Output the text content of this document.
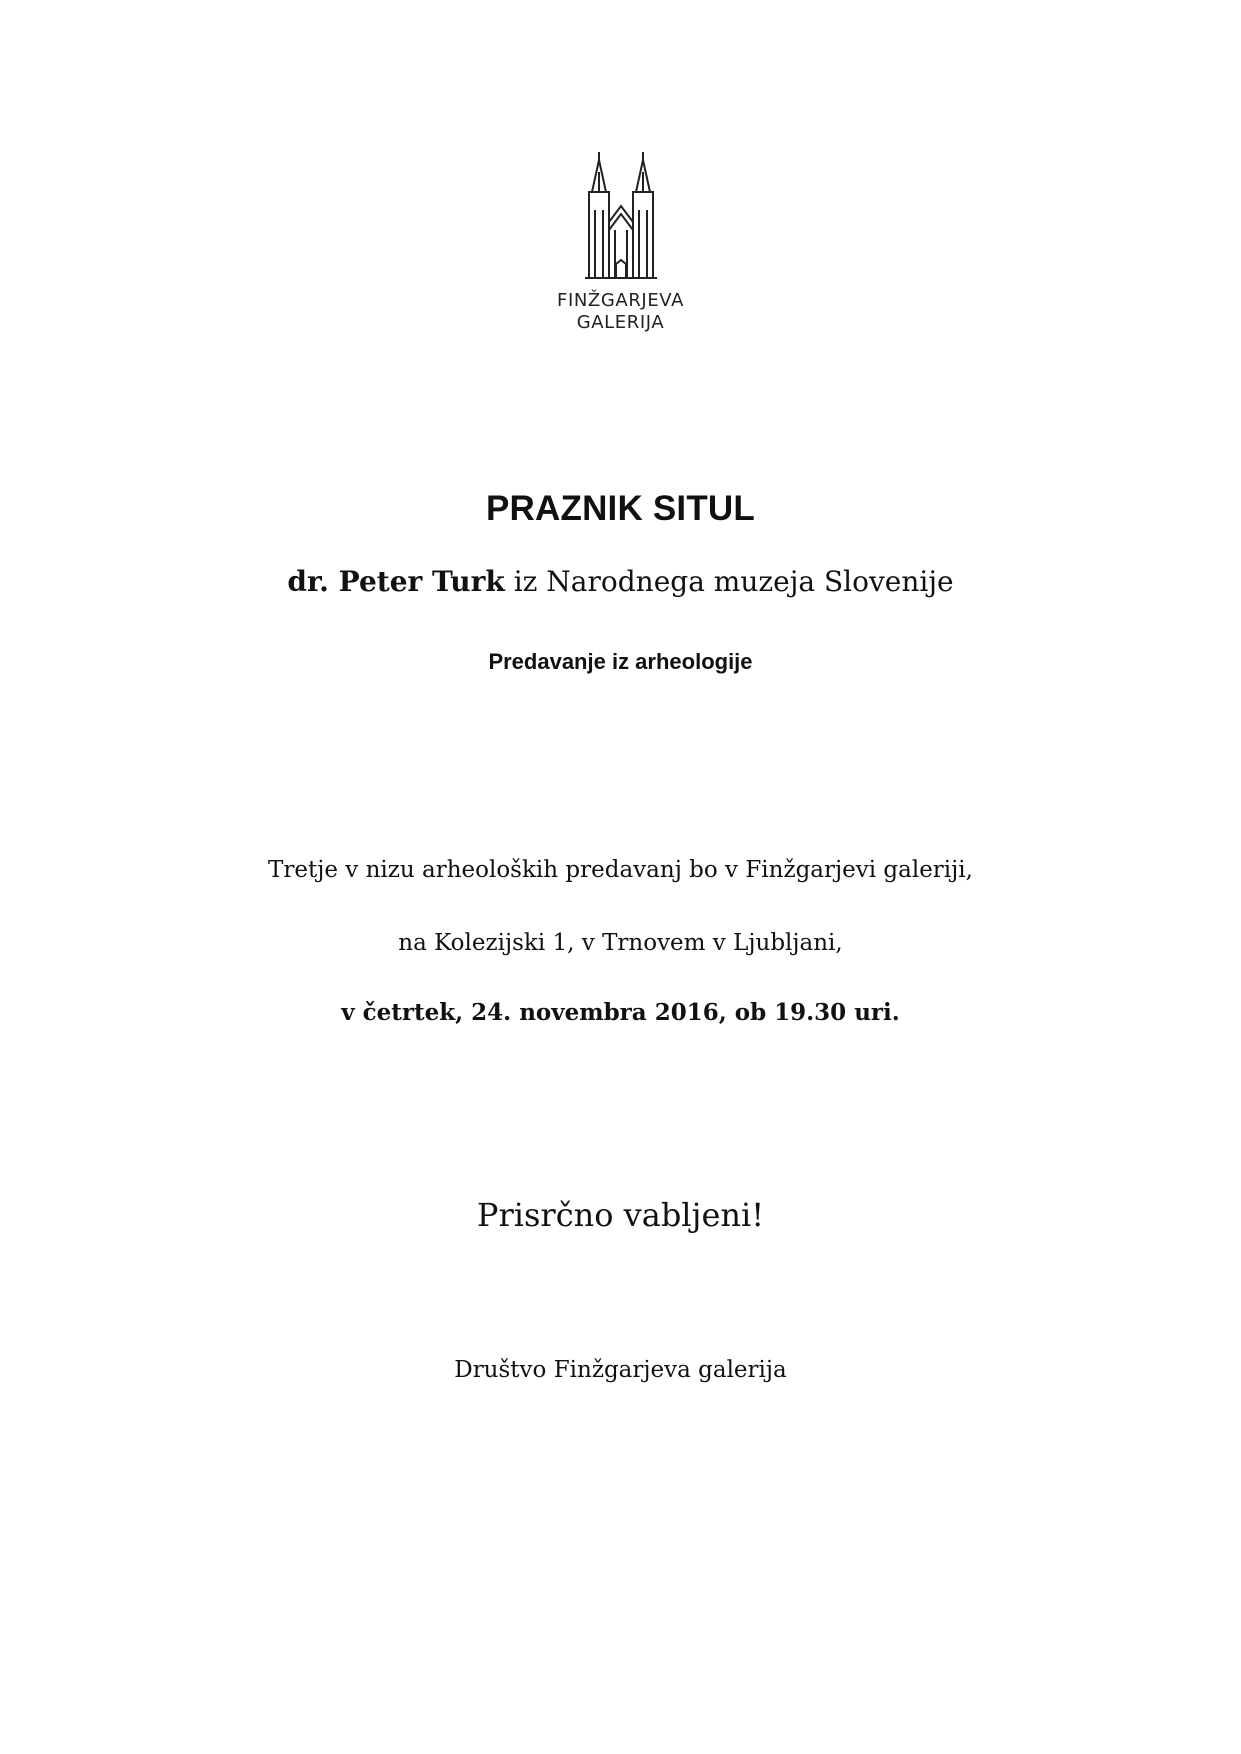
FINŽGARJEVA
GALERIJA
PRAZNIK SITUL
dr. Peter Turk iz Narodnega muzeja Slovenije
Predavanje iz arheologije
Tretje v nizu arheoloških predavanj bo v Finžgarjevi galeriji,
na Kolezijski 1, v Trnovem v Ljubljani,
v četrtek, 24. novembra 2016, ob 19.30 uri.
Prisrčno vabljeni!
Društvo Finžgarjeva galerija
